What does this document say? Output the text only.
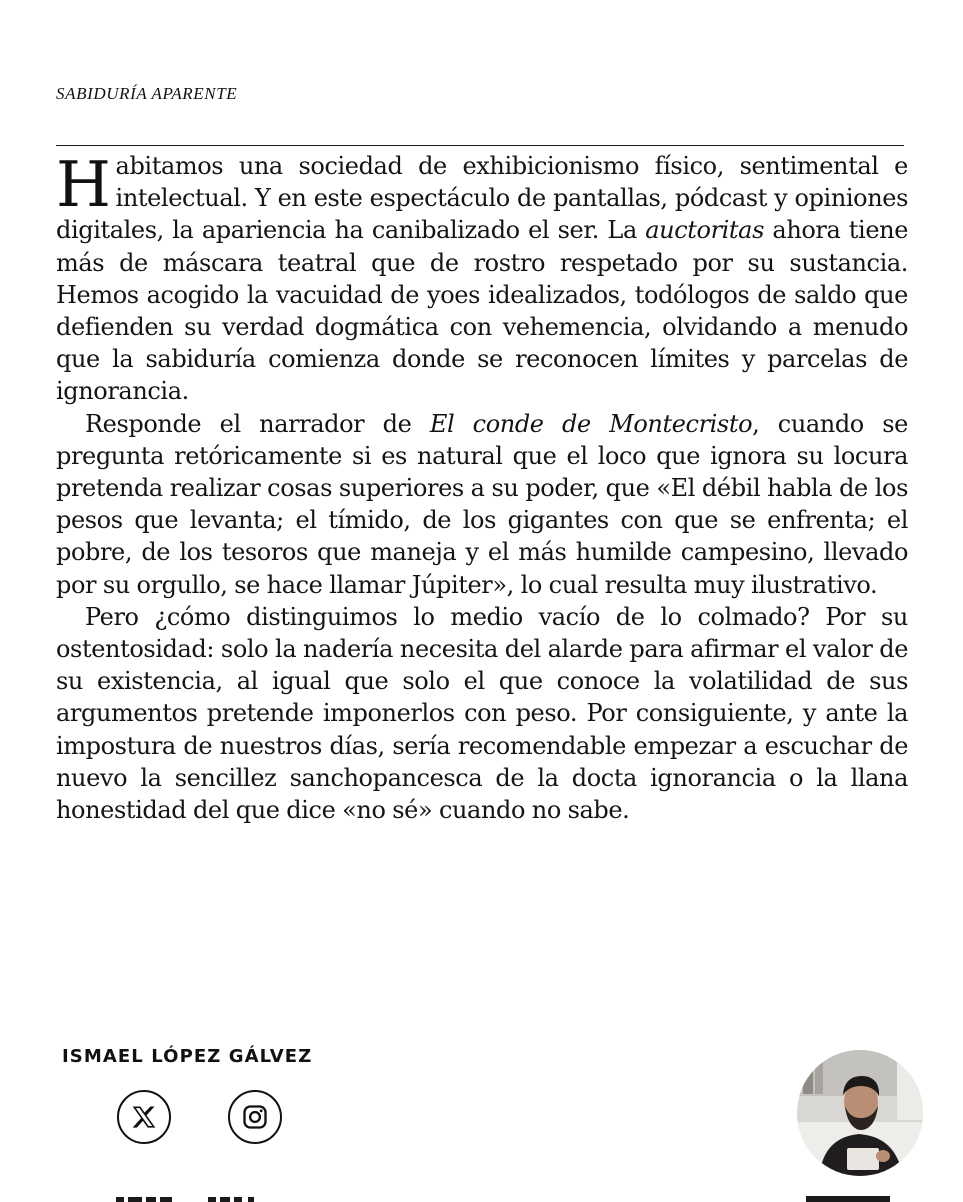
SABIDURÍA APARENTE

Habitamos una sociedad de exhibicionismo físico, sentimental e intelectual. Y en este espectáculo de pantallas, pódcast y opiniones digitales, la apariencia ha canibalizado el ser. La auctoritas ahora tiene más de máscara teatral que de rostro respetado por su sustancia. Hemos acogido la vacuidad de yoes idealizados, todólogos de saldo que defienden su verdad dogmática con vehemencia, olvidando a menudo que la sabiduría comienza donde se reconocen límites y parcelas de ignorancia.

Responde el narrador de El conde de Montecristo, cuando se pregunta retóricamente si es natural que el loco que ignora su locura pretenda realizar cosas superiores a su poder, que «El débil habla de los pesos que levanta; el tímido, de los gigantes con que se enfrenta; el pobre, de los tesoros que maneja y el más humilde campesino, llevado por su orgullo, se hace llamar Júpiter», lo cual resulta muy ilustrativo.

Pero ¿cómo distinguimos lo medio vacío de lo colmado? Por su ostentosidad: solo la nadería necesita del alarde para afirmar el valor de su existencia, al igual que solo el que conoce la volatilidad de sus argumentos pretende imponerlos con peso. Por consiguiente, y ante la impostura de nuestros días, sería recomendable empezar a escuchar de nuevo la sencillez sanchopancesca de la docta ignorancia o la llana honestidad del que dice «no sé» cuando no sabe.

ISMAEL LÓPEZ GÁLVEZ
